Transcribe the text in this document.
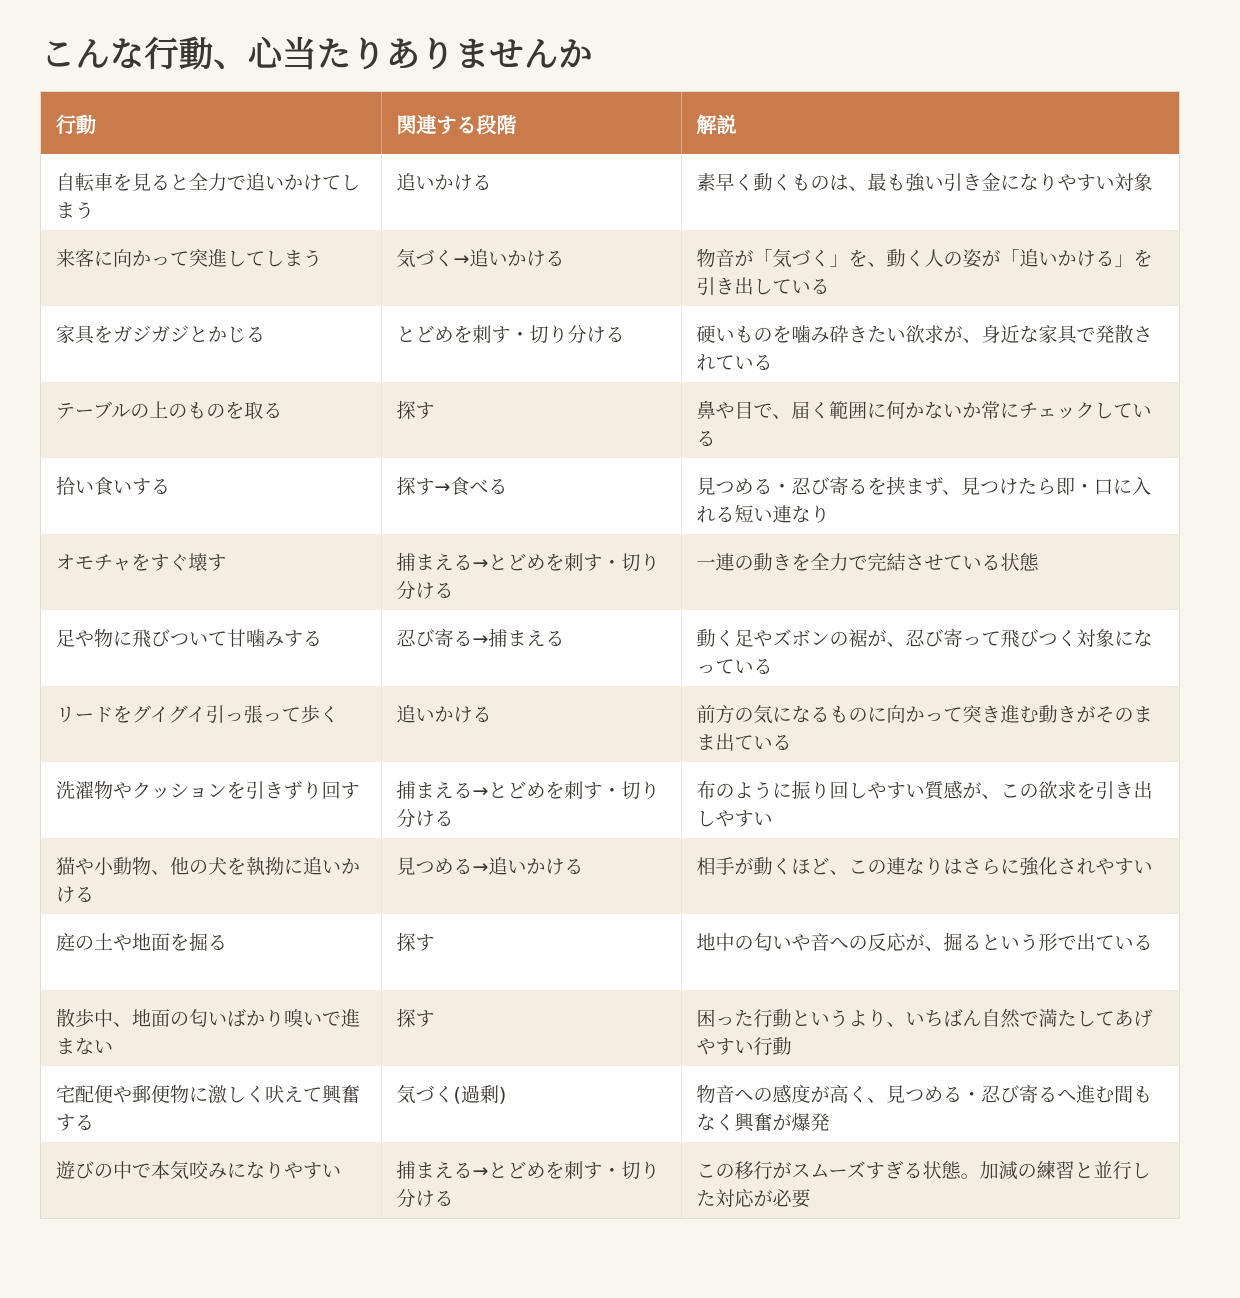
こんな行動、心当たりありませんか
行動	関連する段階	解説
自転車を見ると全力で追いかけてしまう	追いかける	素早く動くものは、最も強い引き金になりやすい対象
来客に向かって突進してしまう	気づく→追いかける	物音が「気づく」を、動く人の姿が「追いかける」を引き出している
家具をガジガジとかじる	とどめを刺す・切り分ける	硬いものを噛み砕きたい欲求が、身近な家具で発散されている
テーブルの上のものを取る	探す	鼻や目で、届く範囲に何かないか常にチェックしている
拾い食いする	探す→食べる	見つめる・忍び寄るを挟まず、見つけたら即・口に入れる短い連なり
オモチャをすぐ壊す	捕まえる→とどめを刺す・切り分ける	一連の動きを全力で完結させている状態
足や物に飛びついて甘噛みする	忍び寄る→捕まえる	動く足やズボンの裾が、忍び寄って飛びつく対象になっている
リードをグイグイ引っ張って歩く	追いかける	前方の気になるものに向かって突き進む動きがそのまま出ている
洗濯物やクッションを引きずり回す	捕まえる→とどめを刺す・切り分ける	布のように振り回しやすい質感が、この欲求を引き出しやすい
猫や小動物、他の犬を執拗に追いかける	見つめる→追いかける	相手が動くほど、この連なりはさらに強化されやすい
庭の土や地面を掘る	探す	地中の匂いや音への反応が、掘るという形で出ている
散歩中、地面の匂いばかり嗅いで進まない	探す	困った行動というより、いちばん自然で満たしてあげやすい行動
宅配便や郵便物に激しく吠えて興奮する	気づく(過剰)	物音への感度が高く、見つめる・忍び寄るへ進む間もなく興奮が爆発
遊びの中で本気咬みになりやすい	捕まえる→とどめを刺す・切り分ける	この移行がスムーズすぎる状態。加減の練習と並行した対応が必要
